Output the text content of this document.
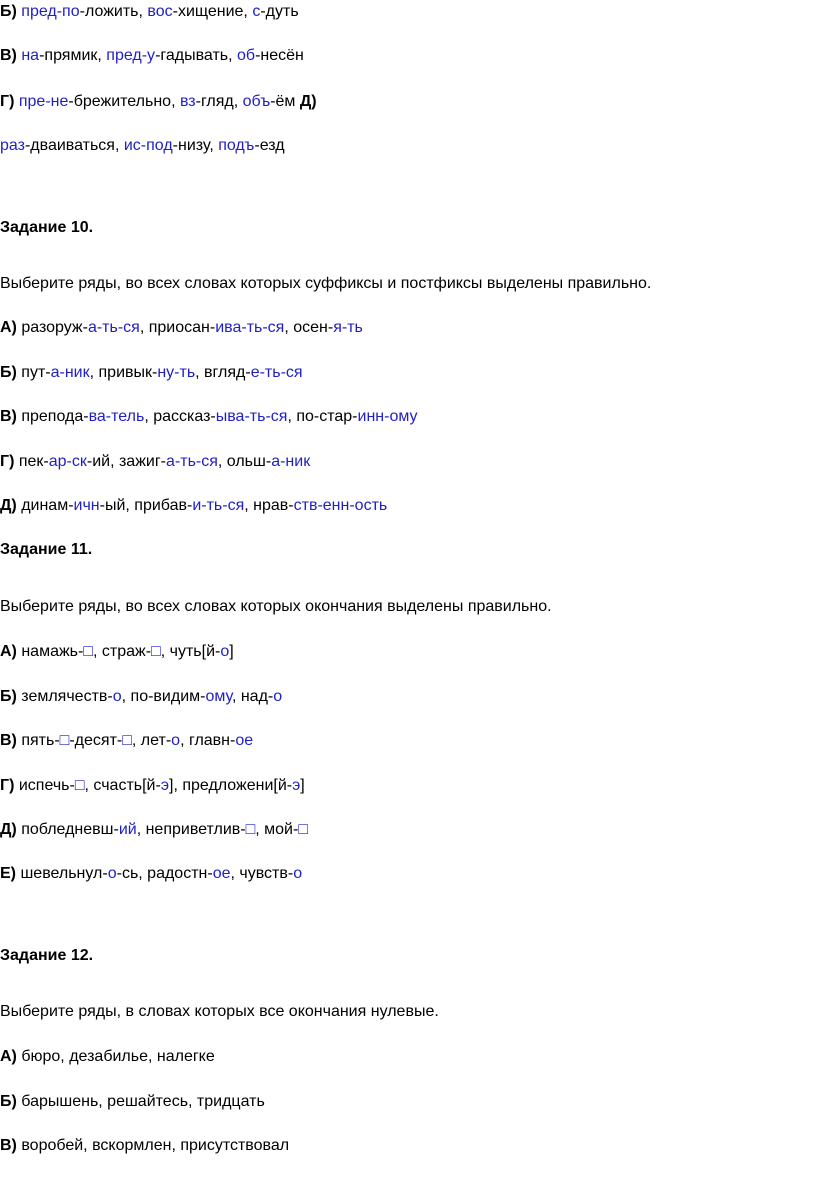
Б) пред-по-ложить, вос-хищение, с-дуть
В) на-прямик, пред-у-гадывать, об-несён
Г) пре-не-брежительно, вз-гляд, объ-ём Д)
раз-дваиваться, ис-под-низу, подъ-езд
Задание 10.
Выберите ряды, во всех словах которых суффиксы и постфиксы выделены правильно.
А) разоруж-а-ть-ся, приосан-ива-ть-ся, осен-я-ть
Б) пут-а-ник, привык-ну-ть, вгляд-е-ть-ся
В) препода-ва-тель, рассказ-ыва-ть-ся, по-стар-инн-ому
Г) пек-ар-ск-ий, зажиг-а-ть-ся, ольш-а-ник
Д) динам-ичн-ый, прибав-и-ть-ся, нрав-ств-енн-ость
Задание 11.
Выберите ряды, во всех словах которых окончания выделены правильно.
А) намажь-□, страж-□, чуть[й-о]
Б) землячеств-о, по-видим-ому, над-о
В) пять-□-десят-□, лет-о, главн-ое
Г) испечь-□, счасть[й-э], предложени[й-э]
Д) побледневш-ий, неприветлив-□, мой-□
Е) шевельнул-о-сь, радостн-ое, чувств-о
Задание 12.
Выберите ряды, в словах которых все окончания нулевые.
А) бюро, дезабилье, налегке
Б) барышень, решайтесь, тридцать
В) воробей, вскормлен, присутствовал
